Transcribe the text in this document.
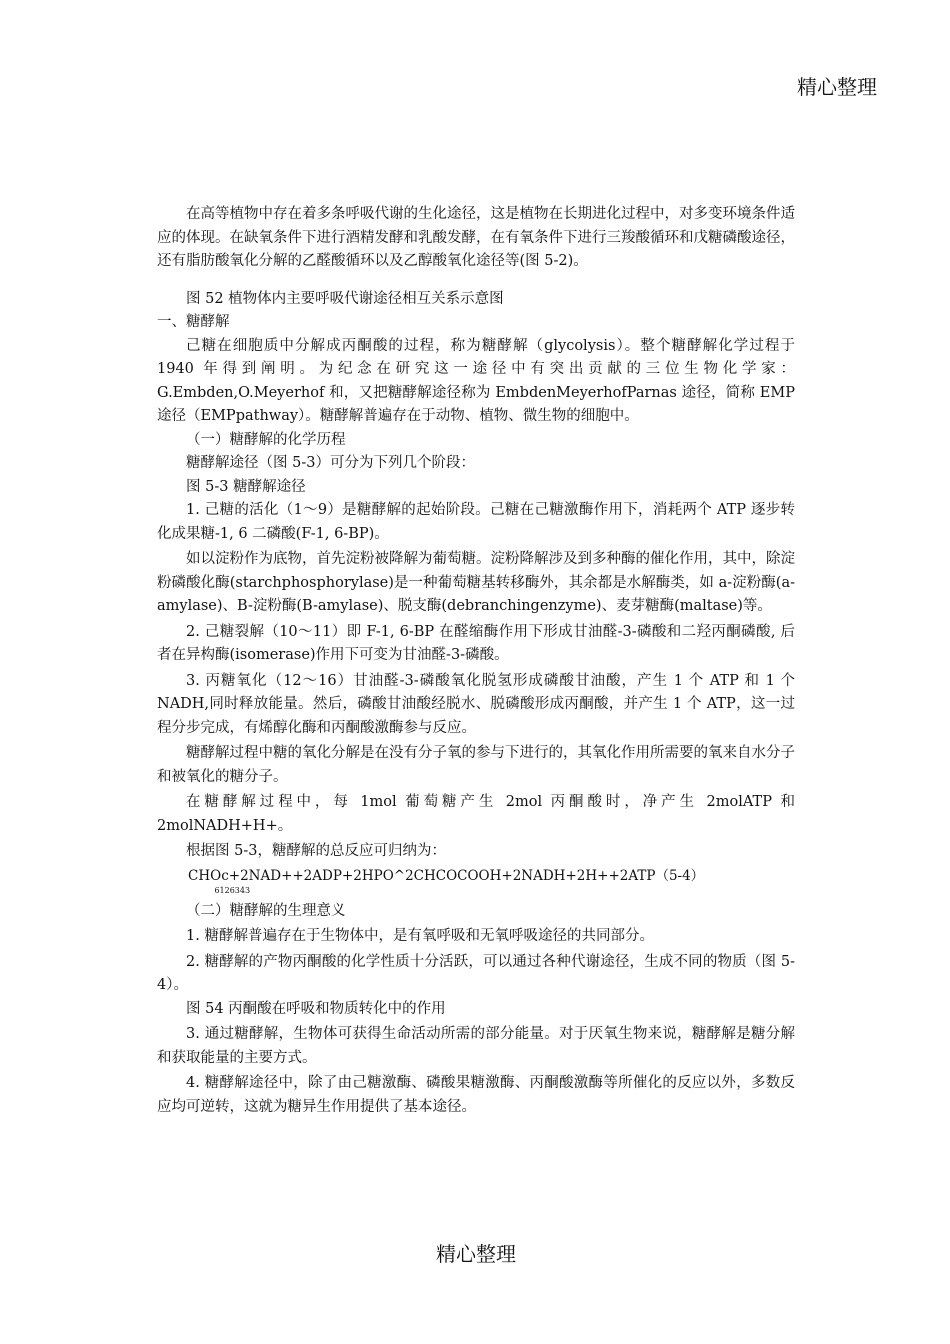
精心整理

在高等植物中存在着多条呼吸代谢的生化途径，这是植物在长期进化过程中，对多变环境条件适应的体现。在缺氧条件下进行酒精发酵和乳酸发酵，在有氧条件下进行三羧酸循环和戊糖磷酸途径，还有脂肪酸氧化分解的乙醛酸循环以及乙醇酸氧化途径等(图 5-2)。

图 52 植物体内主要呼吸代谢途径相互关系示意图

一、糖酵解

己糖在细胞质中分解成丙酮酸的过程，称为糖酵解（glycolysis）。整个糖酵解化学过程于 1940 年得到阐明。为纪念在研究这一途径中有突出贡献的三位生物化学家：G.Embden,O.Meyerhof 和，又把糖酵解途径称为 EmbdenMeyerhofParnas 途径，简称 EMP 途径（EMPpathway）。糖酵解普遍存在于动物、植物、微生物的细胞中。

（一）糖酵解的化学历程

糖酵解途径（图 5-3）可分为下列几个阶段：

图 5-3 糖酵解途径

1. 己糖的活化（1～9）是糖酵解的起始阶段。己糖在己糖激酶作用下，消耗两个 ATP 逐步转化成果糖-1, 6 二磷酸(F-1, 6-BP)。

如以淀粉作为底物，首先淀粉被降解为葡萄糖。淀粉降解涉及到多种酶的催化作用，其中，除淀粉磷酸化酶(starchphosphorylase)是一种葡萄糖基转移酶外，其余都是水解酶类，如 a-淀粉酶(a-amylase)、B-淀粉酶(B-amylase)、脱支酶(debranchingenzyme)、麦芽糖酶(maltase)等。

2. 己糖裂解（10～11）即 F-1, 6-BP 在醛缩酶作用下形成甘油醛-3-磷酸和二羟丙酮磷酸, 后者在异构酶(isomerase)作用下可变为甘油醛-3-磷酸。

3. 丙糖氧化（12～16）甘油醛-3-磷酸氧化脱氢形成磷酸甘油酸，产生 1 个 ATP 和 1 个 NADH,同时释放能量。然后，磷酸甘油酸经脱水、脱磷酸形成丙酮酸，并产生 1 个 ATP，这一过程分步完成，有烯醇化酶和丙酮酸激酶参与反应。

糖酵解过程中糖的氧化分解是在没有分子氧的参与下进行的，其氧化作用所需要的氧来自水分子和被氧化的糖分子。

在糖酵解过程中，每 1mol 葡萄糖产生 2mol 丙酮酸时，净产生 2molATP 和 2molNADH+H+。

根据图 5-3，糖酵解的总反应可归纳为：

CHOc+2NAD++2ADP+2HPO^2CHCOCOOH+2NADH+2H++2ATP（5-4）
6126343

（二）糖酵解的生理意义

1. 糖酵解普遍存在于生物体中，是有氧呼吸和无氧呼吸途径的共同部分。

2. 糖酵解的产物丙酮酸的化学性质十分活跃，可以通过各种代谢途径，生成不同的物质（图 5-4）。

图 54 丙酮酸在呼吸和物质转化中的作用

3. 通过糖酵解，生物体可获得生命活动所需的部分能量。对于厌氧生物来说，糖酵解是糖分解和获取能量的主要方式。

4. 糖酵解途径中，除了由己糖激酶、磷酸果糖激酶、丙酮酸激酶等所催化的反应以外，多数反应均可逆转，这就为糖异生作用提供了基本途径。

精心整理
